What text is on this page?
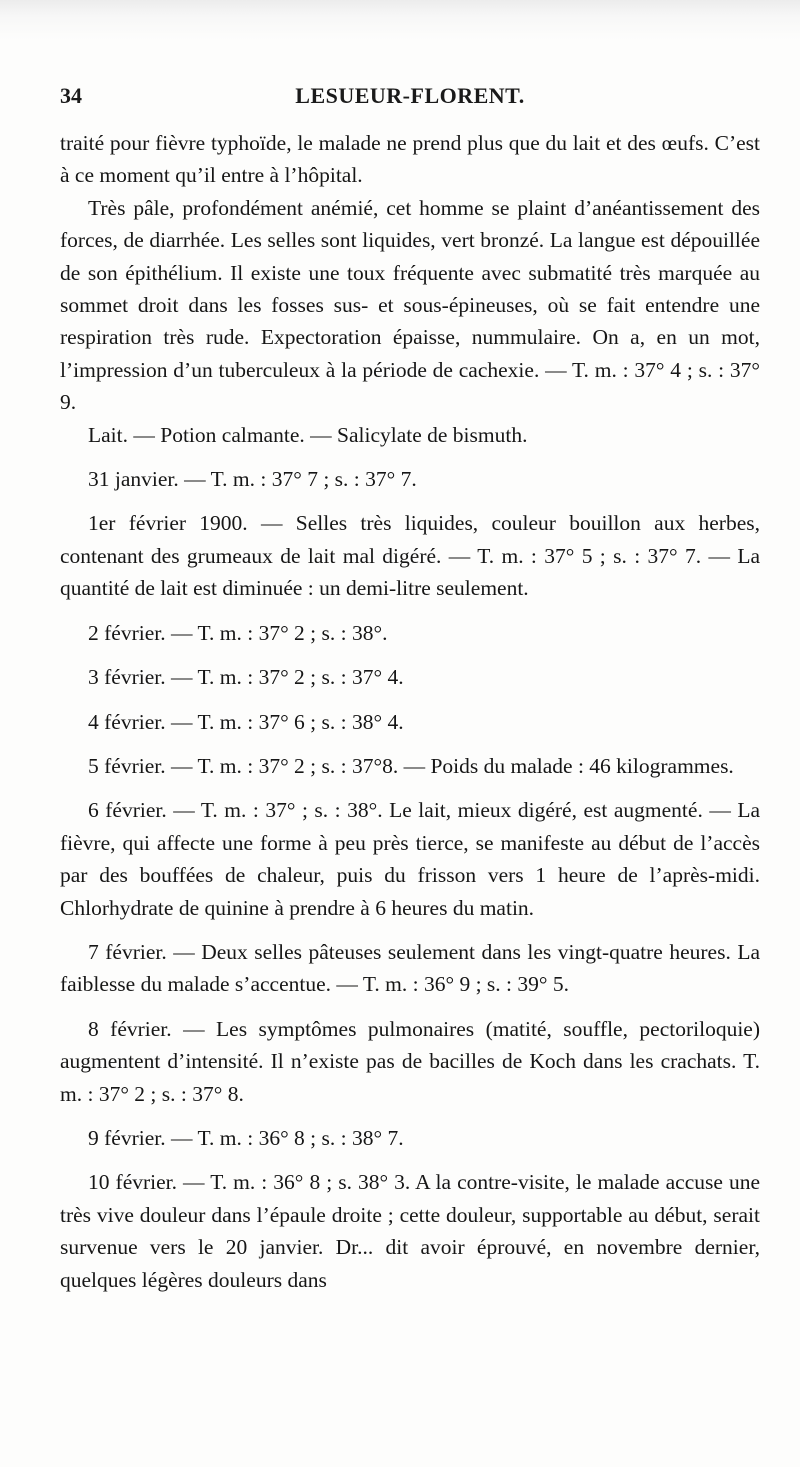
34	LESUEUR-FLORENT.

traité pour fièvre typhoïde, le malade ne prend plus que du lait et des œufs. C’est à ce moment qu’il entre à l’hôpital.

Très pâle, profondément anémié, cet homme se plaint d’anéantissement des forces, de diarrhée. Les selles sont liquides, vert bronzé. La langue est dépouillée de son épithélium. Il existe une toux fréquente avec submatité très marquée au sommet droit dans les fosses sus- et sous-épineuses, où se fait entendre une respiration très rude. Expectoration épaisse, nummulaire. On a, en un mot, l’impression d’un tuberculeux à la période de cachexie. — T. m. : 37° 4 ; s. : 37° 9.

Lait. — Potion calmante. — Salicylate de bismuth.

31 janvier. — T. m. : 37° 7 ; s. : 37° 7.

1er février 1900. — Selles très liquides, couleur bouillon aux herbes, contenant des grumeaux de lait mal digéré. — T. m. : 37° 5 ; s. : 37° 7. — La quantité de lait est diminuée : un demi-litre seulement.

2 février. — T. m. : 37° 2 ; s. : 38°.

3 février. — T. m. : 37° 2 ; s. : 37° 4.

4 février. — T. m. : 37° 6 ; s. : 38° 4.

5 février. — T. m. : 37° 2 ; s. : 37°8. — Poids du malade : 46 kilogrammes.

6 février. — T. m. : 37° ; s. : 38°. Le lait, mieux digéré, est augmenté. — La fièvre, qui affecte une forme à peu près tierce, se manifeste au début de l’accès par des bouffées de chaleur, puis du frisson vers 1 heure de l’après-midi. Chlorhydrate de quinine à prendre à 6 heures du matin.

7 février. — Deux selles pâteuses seulement dans les vingt-quatre heures. La faiblesse du malade s’accentue. — T. m. : 36° 9 ; s. : 39° 5.

8 février. — Les symptômes pulmonaires (matité, souffle, pectoriloquie) augmentent d’intensité. Il n’existe pas de bacilles de Koch dans les crachats. T. m. : 37° 2 ; s. : 37° 8.

9 février. — T. m. : 36° 8 ; s. : 38° 7.

10 février. — T. m. : 36° 8 ; s. 38° 3. A la contre-visite, le malade accuse une très vive douleur dans l’épaule droite ; cette douleur, supportable au début, serait survenue vers le 20 janvier. Dr... dit avoir éprouvé, en novembre dernier, quelques légères douleurs dans
